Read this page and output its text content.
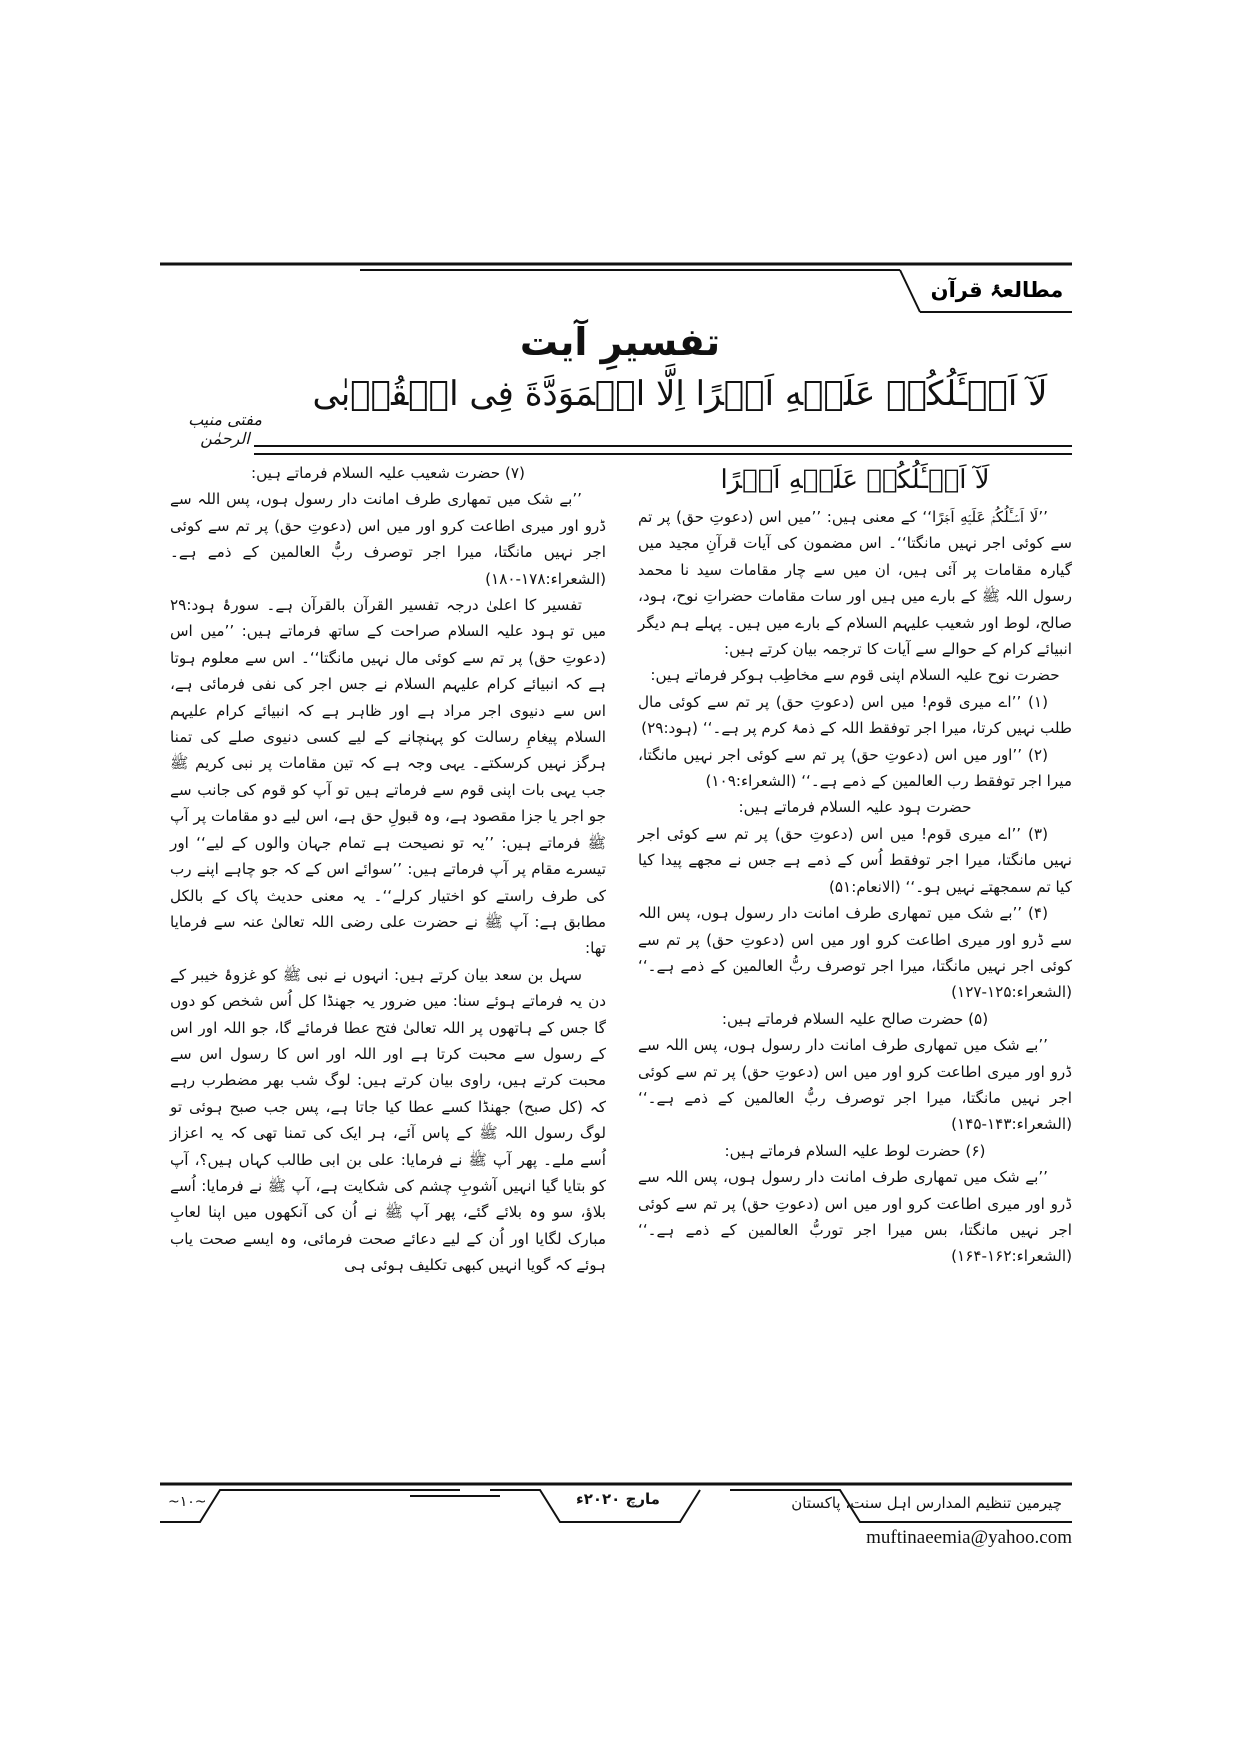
مطالعۂ قرآن
تفسیرِ آیت
لَآ اَسۡـَٔلُكُمۡ عَلَيۡهِ اَجۡرًا اِلَّا الۡمَوَدَّةَ فِى الۡقُرۡبٰى
مفتی منیب الرحمٰن

لَآ اَسۡـَٔلُكُمۡ عَلَيۡهِ اَجۡرًا

’’لَا اَسۡـَٔلُكُمۡ عَلَيۡهِ اَجۡرًا‘‘ کے معنی ہیں: ’’میں اس (دعوتِ حق) پر تم سے کوئی اجر نہیں مانگتا‘‘۔ اس مضمون کی آیات قرآنِ مجید میں گیارہ مقامات پر آئی ہیں، ان میں سے چار مقامات سید نا محمد رسول اللہ ﷺ کے بارے میں ہیں اور سات مقامات حضراتِ نوح، ہود، صالح، لوط اور شعیب علیہم السلام کے بارے میں ہیں۔ پہلے ہم دیگر انبیائے کرام کے حوالے سے آیات کا ترجمہ بیان کرتے ہیں:

حضرت نوح علیہ السلام اپنی قوم سے مخاطِب ہوکر فرماتے ہیں:

(۱) ’’اے میری قوم! میں اس (دعوتِ حق) پر تم سے کوئی مال طلب نہیں کرتا، میرا اجر توفقط اللہ کے ذمۂ کرم پر ہے۔‘‘ (ہود:۲۹)

(۲) ’’اور میں اس (دعوتِ حق) پر تم سے کوئی اجر نہیں مانگتا، میرا اجر توفقط رب العالمین کے ذمے ہے۔‘‘ (الشعراء:۱۰۹)

حضرت ہود علیہ السلام فرماتے ہیں:

(۳) ’’اے میری قوم! میں اس (دعوتِ حق) پر تم سے کوئی اجر نہیں مانگتا، میرا اجر توفقط اُس کے ذمے ہے جس نے مجھے پیدا کیا کیا تم سمجھتے نہیں ہو۔‘‘ (الانعام:۵۱)

(۴) ’’بے شک میں تمھاری طرف امانت دار رسول ہوں، پس اللہ سے ڈرو اور میری اطاعت کرو اور میں اس (دعوتِ حق) پر تم سے کوئی اجر نہیں مانگتا، میرا اجر توصرف ربُّ العالمین کے ذمے ہے۔‘‘ (الشعراء:۱۲۵-۱۲۷)

(۵) حضرت صالح علیہ السلام فرماتے ہیں:

’’بے شک میں تمھاری طرف امانت دار رسول ہوں، پس اللہ سے ڈرو اور میری اطاعت کرو اور میں اس (دعوتِ حق) پر تم سے کوئی اجر نہیں مانگتا، میرا اجر توصرف ربُّ العالمین کے ذمے ہے۔‘‘ (الشعراء:۱۴۳-۱۴۵)

(۶) حضرت لوط علیہ السلام فرماتے ہیں:

’’بے شک میں تمھاری طرف امانت دار رسول ہوں، پس اللہ سے ڈرو اور میری اطاعت کرو اور میں اس (دعوتِ حق) پر تم سے کوئی اجر نہیں مانگتا، بس میرا اجر توربُّ العالمین کے ذمے ہے۔‘‘ (الشعراء:۱۶۲-۱۶۴)

(۷) حضرت شعیب علیہ السلام فرماتے ہیں:

’’بے شک میں تمھاری طرف امانت دار رسول ہوں، پس اللہ سے ڈرو اور میری اطاعت کرو اور میں اس (دعوتِ حق) پر تم سے کوئی اجر نہیں مانگتا، میرا اجر توصرف ربُّ العالمین کے ذمے ہے۔ (الشعراء:۱۷۸-۱۸۰)

تفسیر کا اعلیٰ درجہ تفسیر القرآن بالقرآن ہے۔ سورۂ ہود:۲۹ میں تو ہود علیہ السلام صراحت کے ساتھ فرماتے ہیں: ’’میں اس (دعوتِ حق) پر تم سے کوئی مال نہیں مانگتا‘‘۔ اس سے معلوم ہوتا ہے کہ انبیائے کرام علیہم السلام نے جس اجر کی نفی فرمائی ہے، اس سے دنیوی اجر مراد ہے اور ظاہر ہے کہ انبیائے کرام علیہم السلام پیغامِ رسالت کو پہنچانے کے لیے کسی دنیوی صلے کی تمنا ہرگز نہیں کرسکتے۔ یہی وجہ ہے کہ تین مقامات پر نبی کریم ﷺ جب یہی بات اپنی قوم سے فرماتے ہیں تو آپ کو قوم کی جانب سے جو اجر یا جزا مقصود ہے، وہ قبولِ حق ہے، اس لیے دو مقامات پر آپ ﷺ فرماتے ہیں: ’’یہ تو نصیحت ہے تمام جہان والوں کے لیے‘‘ اور تیسرے مقام پر آپ فرماتے ہیں: ’’سوائے اس کے کہ جو چاہے اپنے رب کی طرف راستے کو اختیار کرلے‘‘۔ یہ معنی حدیث پاک کے بالکل مطابق ہے: آپ ﷺ نے حضرت علی رضی اللہ تعالیٰ عنہ سے فرمایا تھا:

سہل بن سعد بیان کرتے ہیں: انہوں نے نبی ﷺ کو غزوۂ خیبر کے دن یہ فرماتے ہوئے سنا: میں ضرور یہ جھنڈا کل اُس شخص کو دوں گا جس کے ہاتھوں پر اللہ تعالیٰ فتح عطا فرمائے گا، جو اللہ اور اس کے رسول سے محبت کرتا ہے اور اللہ اور اس کا رسول اس سے محبت کرتے ہیں، راوی بیان کرتے ہیں: لوگ شب بھر مضطرب رہے کہ (کل صبح) جھنڈا کسے عطا کیا جاتا ہے، پس جب صبح ہوئی تو لوگ رسول اللہ ﷺ کے پاس آئے، ہر ایک کی تمنا تھی کہ یہ اعزاز اُسے ملے۔ پھر آپ ﷺ نے فرمایا: علی بن ابی طالب کہاں ہیں؟، آپ کو بتایا گیا انہیں آشوبِ چشم کی شکایت ہے، آپ ﷺ نے فرمایا: اُسے بلاؤ، سو وہ بلائے گئے، پھر آپ ﷺ نے اُن کی آنکھوں میں اپنا لعابِ مبارک لگایا اور اُن کے لیے دعائے صحت فرمائی، وہ ایسے صحت یاب ہوئے کہ گویا انہیں کبھی تکلیف ہوئی ہی

چیرمین تنظیم المدارس اہل سنت، پاکستان
مارچ ۲۰۲۰ء
~۱۰~
muftinaeemia@yahoo.com
